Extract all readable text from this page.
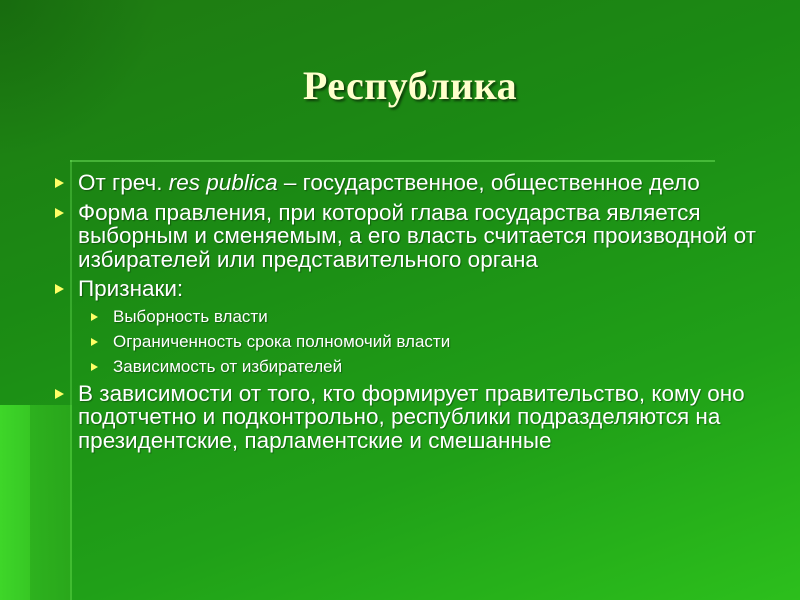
Республика
От греч. res publica – государственное, общественное дело
Форма правления, при которой глава государства является выборным и сменяемым, а его власть считается производной от избирателей или представительного органа
Признаки:
Выборность власти
Ограниченность срока полномочий власти
Зависимость от избирателей
В зависимости от того, кто формирует правительство, кому оно подотчетно и подконтрольно, республики подразделяются на президентские, парламентские и смешанные
